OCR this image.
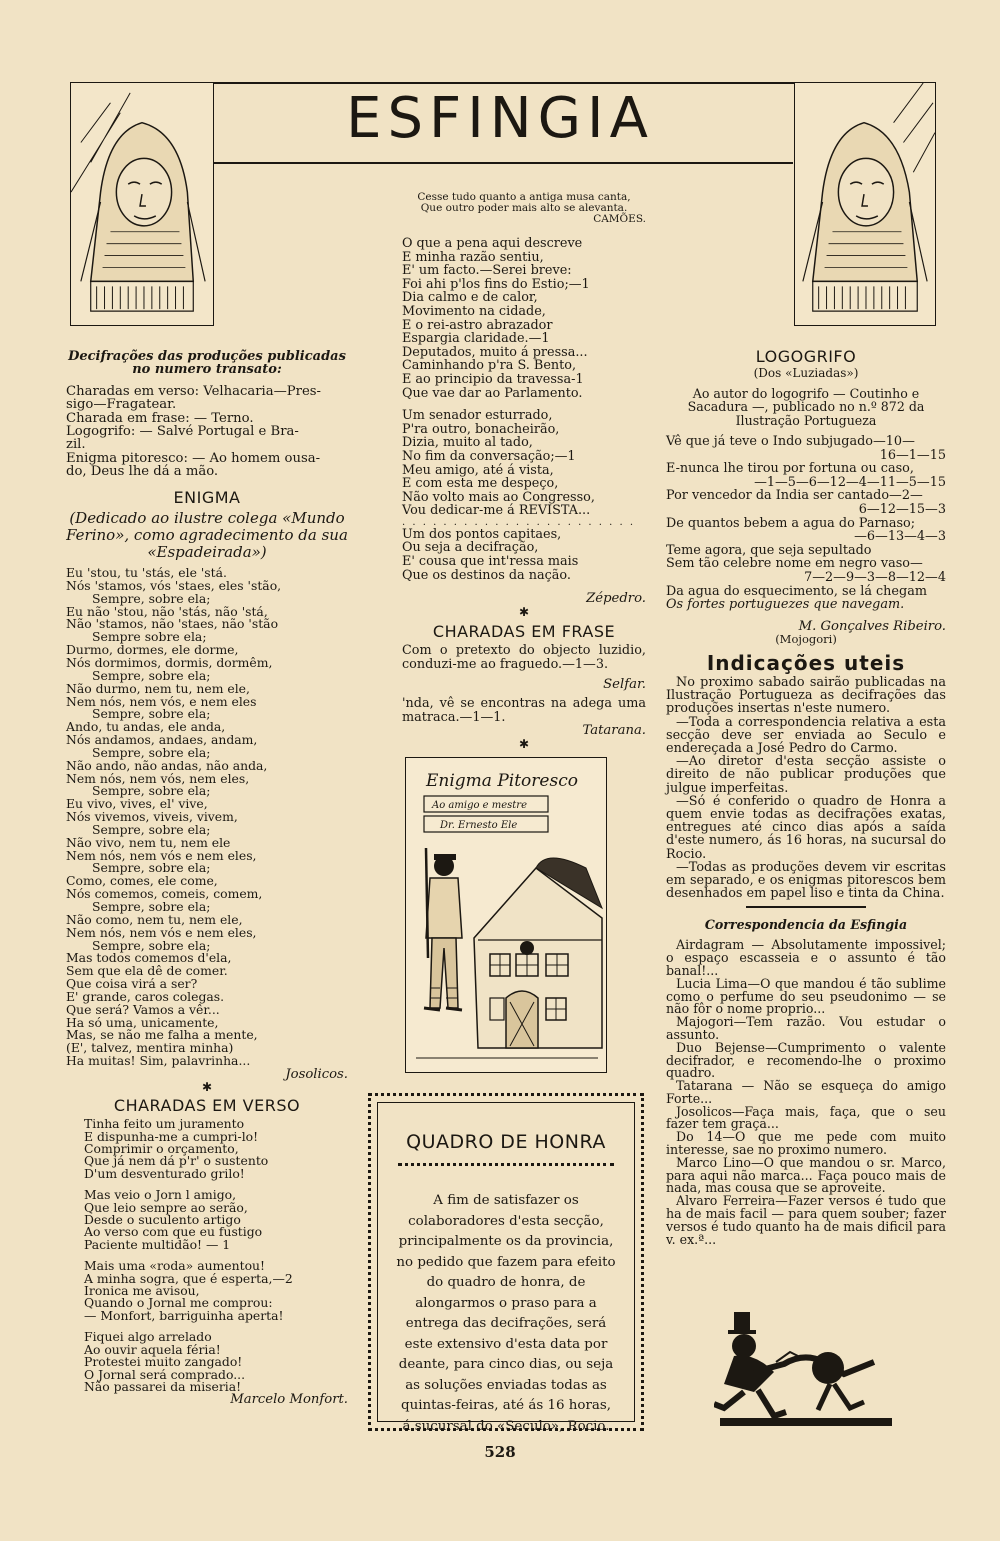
ESFINGIA

Decifrações das produções publicadas no numero transato:

Charadas em verso: Velhacaria—Pres-

sigo—Fragatear.

Charada em frase: — Terno.

Logogrifo: — Salvé Portugal e Bra-

zil.

Enigma pitoresco: — Ao homem ousa-

do, Deus lhe dá a mão.

ENIGMA

(Dedicado ao ilustre colega «Mundo Ferino», como agradecimento da sua «Espadeirada»)

Eu 'stou, tu 'stás, ele 'stá.

Nós 'stamos, vós 'staes, eles 'stão,

Sempre, sobre ela;

Eu não 'stou, não 'stás, não 'stá,

Não 'stamos, não 'staes, não 'stão

Sempre sobre ela;

Durmo, dormes, ele dorme,

Nós dormimos, dormis, dormêm,

Sempre, sobre ela;

Não durmo, nem tu, nem ele,

Nem nós, nem vós, e nem eles

Sempre, sobre ela;

Ando, tu andas, ele anda,

Nós andamos, andaes, andam,

Sempre, sobre ela;

Não ando, não andas, não anda,

Nem nós, nem vós, nem eles,

Sempre, sobre ela;

Eu vivo, vives, el' vive,

Nós vivemos, viveis, vivem,

Sempre, sobre ela;

Não vivo, nem tu, nem ele

Nem nós, nem vós e nem eles,

Sempre, sobre ela;

Como, comes, ele come,

Nós comemos, comeis, comem,

Sempre, sobre ela;

Não como, nem tu, nem ele,

Nem nós, nem vós e nem eles,

Sempre, sobre ela;

Mas todos comemos d'ela,

Sem que ela dê de comer.

Que coisa virá a ser?

E' grande, caros colegas.

Que será? Vamos a vêr...

Ha só uma, unicamente,

Mas, se não me falha a mente,

(E', talvez, mentira minha)

Ha muitas! Sim, palavrinha...

Josolicos.

✱

CHARADAS EM VERSO

Tinha feito um juramento

E dispunha-me a cumpri-lo!

Comprimir o orçamento,

Que já nem dá p'r' o sustento

D'um desventurado grilo!

Mas veio o Jorn l amigo,

Que leio sempre ao serão,

Desde o suculento artigo

Ao verso com que eu fustigo

Paciente multidão! — 1

Mais uma «roda» aumentou!

A minha sogra, que é esperta,—2

Ironica me avisou,

Quando o Jornal me comprou:

— Monfort, barriguinha aperta!

Fiquei algo arrelado

Ao ouvir aquela féria!

Protestei muito zangado!

O Jornal será comprado...

Não passarei da miseria!

Marcelo Monfort.

Cesse tudo quanto a antiga musa canta,

Que outro poder mais alto se alevanta.

CAMÕES.

O que a pena aqui descreve

E minha razão sentiu,

E' um facto.—Serei breve:

Foi ahi p'los fins do Estio;—1

Dia calmo e de calor,

Movimento na cidade,

E o rei-astro abrazador

Espargia claridade.—1

Deputados, muito á pressa...

Caminhando p'ra S. Bento,

E ao principio da travessa-1

Que vae dar ao Parlamento.

Um senador esturrado,

P'ra outro, bonacheirão,

Dizia, muito al tado,

No fim da conversação;—1

Meu amigo, até á vista,

E com esta me despeço,

Não volto mais ao Congresso,

Vou dedicar-me á REVISTA...

. . . . . . . . . . . . . . . . . . . . . . .

Um dos pontos capitaes,

Ou seja a decifração,

E' cousa que int'ressa mais

Que os destinos da nação.

Zépedro.

✱

CHARADAS EM FRASE

Com o pretexto do objecto luzidio, conduzi-me ao fraguedo.—1—3.

Selfar.

'nda, vê se encontras na adega uma matraca.—1—1.

Tatarana.

✱

Enigma Pitoresco
Ao amigo e mestre
Dr. Ernesto Ele
QUADRO DE HONRA

A fim de satisfazer os colaboradores d'esta secção, principalmente os da provincia, no pedido que fazem para efeito do quadro de honra, de alongarmos o praso para a entrega das decifrações, será este extensivo d'esta data por deante, para cinco dias, ou seja as soluções enviadas todas as quintas-feiras, até ás 16 horas, á sucursal do «Seculo», Rocio.

LOGOGRIFO

(Dos «Luziadas»)

Ao autor do logogrifo — Coutinho e Sacadura —, publicado no n.º 872 da Ilustração Portugueza

Vê que já teve o Indo subjugado—10—

16—1—15

E-nunca lhe tirou por fortuna ou caso,

—1—5—6—12—4—11—5—15

Por vencedor da India ser cantado—2—

6—12—15—3

De quantos bebem a agua do Parnaso;

—6—13—4—3

Teme agora, que seja sepultado

Sem tão celebre nome em negro vaso—

7—2—9—3—8—12—4

Da agua do esquecimento, se lá chegam

Os fortes portuguezes que navegam.

M. Gonçalves Ribeiro.

(Mojogori)

Indicações uteis

No proximo sabado sairão publicadas na Ilustração Portugueza as decifrações das produções insertas n'este numero.

—Toda a correspondencia relativa a esta secção deve ser enviada ao Seculo e endereçada a José Pedro do Carmo.

—Ao diretor d'esta secção assiste o direito de não publicar produções que julgue imperfeitas.

—Só é conferido o quadro de Honra a quem envie todas as decifrações exatas, entregues até cinco dias após a saída d'este numero, ás 16 horas, na sucursal do Rocio.

—Todas as produções devem vir escritas em separado, e os enigmas pitorescos bem desenhados em papel liso e tinta da China.

Correspondencia da Esfingia

Airdagram — Absolutamente impossivel; o espaço escasseia e o assunto é tão banal!...

Lucia Lima—O que mandou é tão sublime como o perfume do seu pseudonimo — se não fôr o nome proprio...

Majogori—Tem razão. Vou estudar o assunto.

Duo Bejense—Cumprimento o valente decifrador, e recomendo-lhe o proximo quadro.

Tatarana — Não se esqueça do amigo Forte...

Josolicos—Faça mais, faça, que o seu fazer tem graça...

Do 14—O que me pede com muito interesse, sae no proximo numero.

Marco Lino—O que mandou o sr. Marco, para aqui não marca... Faça pouco mais de nada, mas cousa que se aproveite.

Alvaro Ferreira—Fazer versos é tudo que ha de mais facil — para quem souber; fazer versos é tudo quanto ha de mais dificil para v. ex.ª...

528
